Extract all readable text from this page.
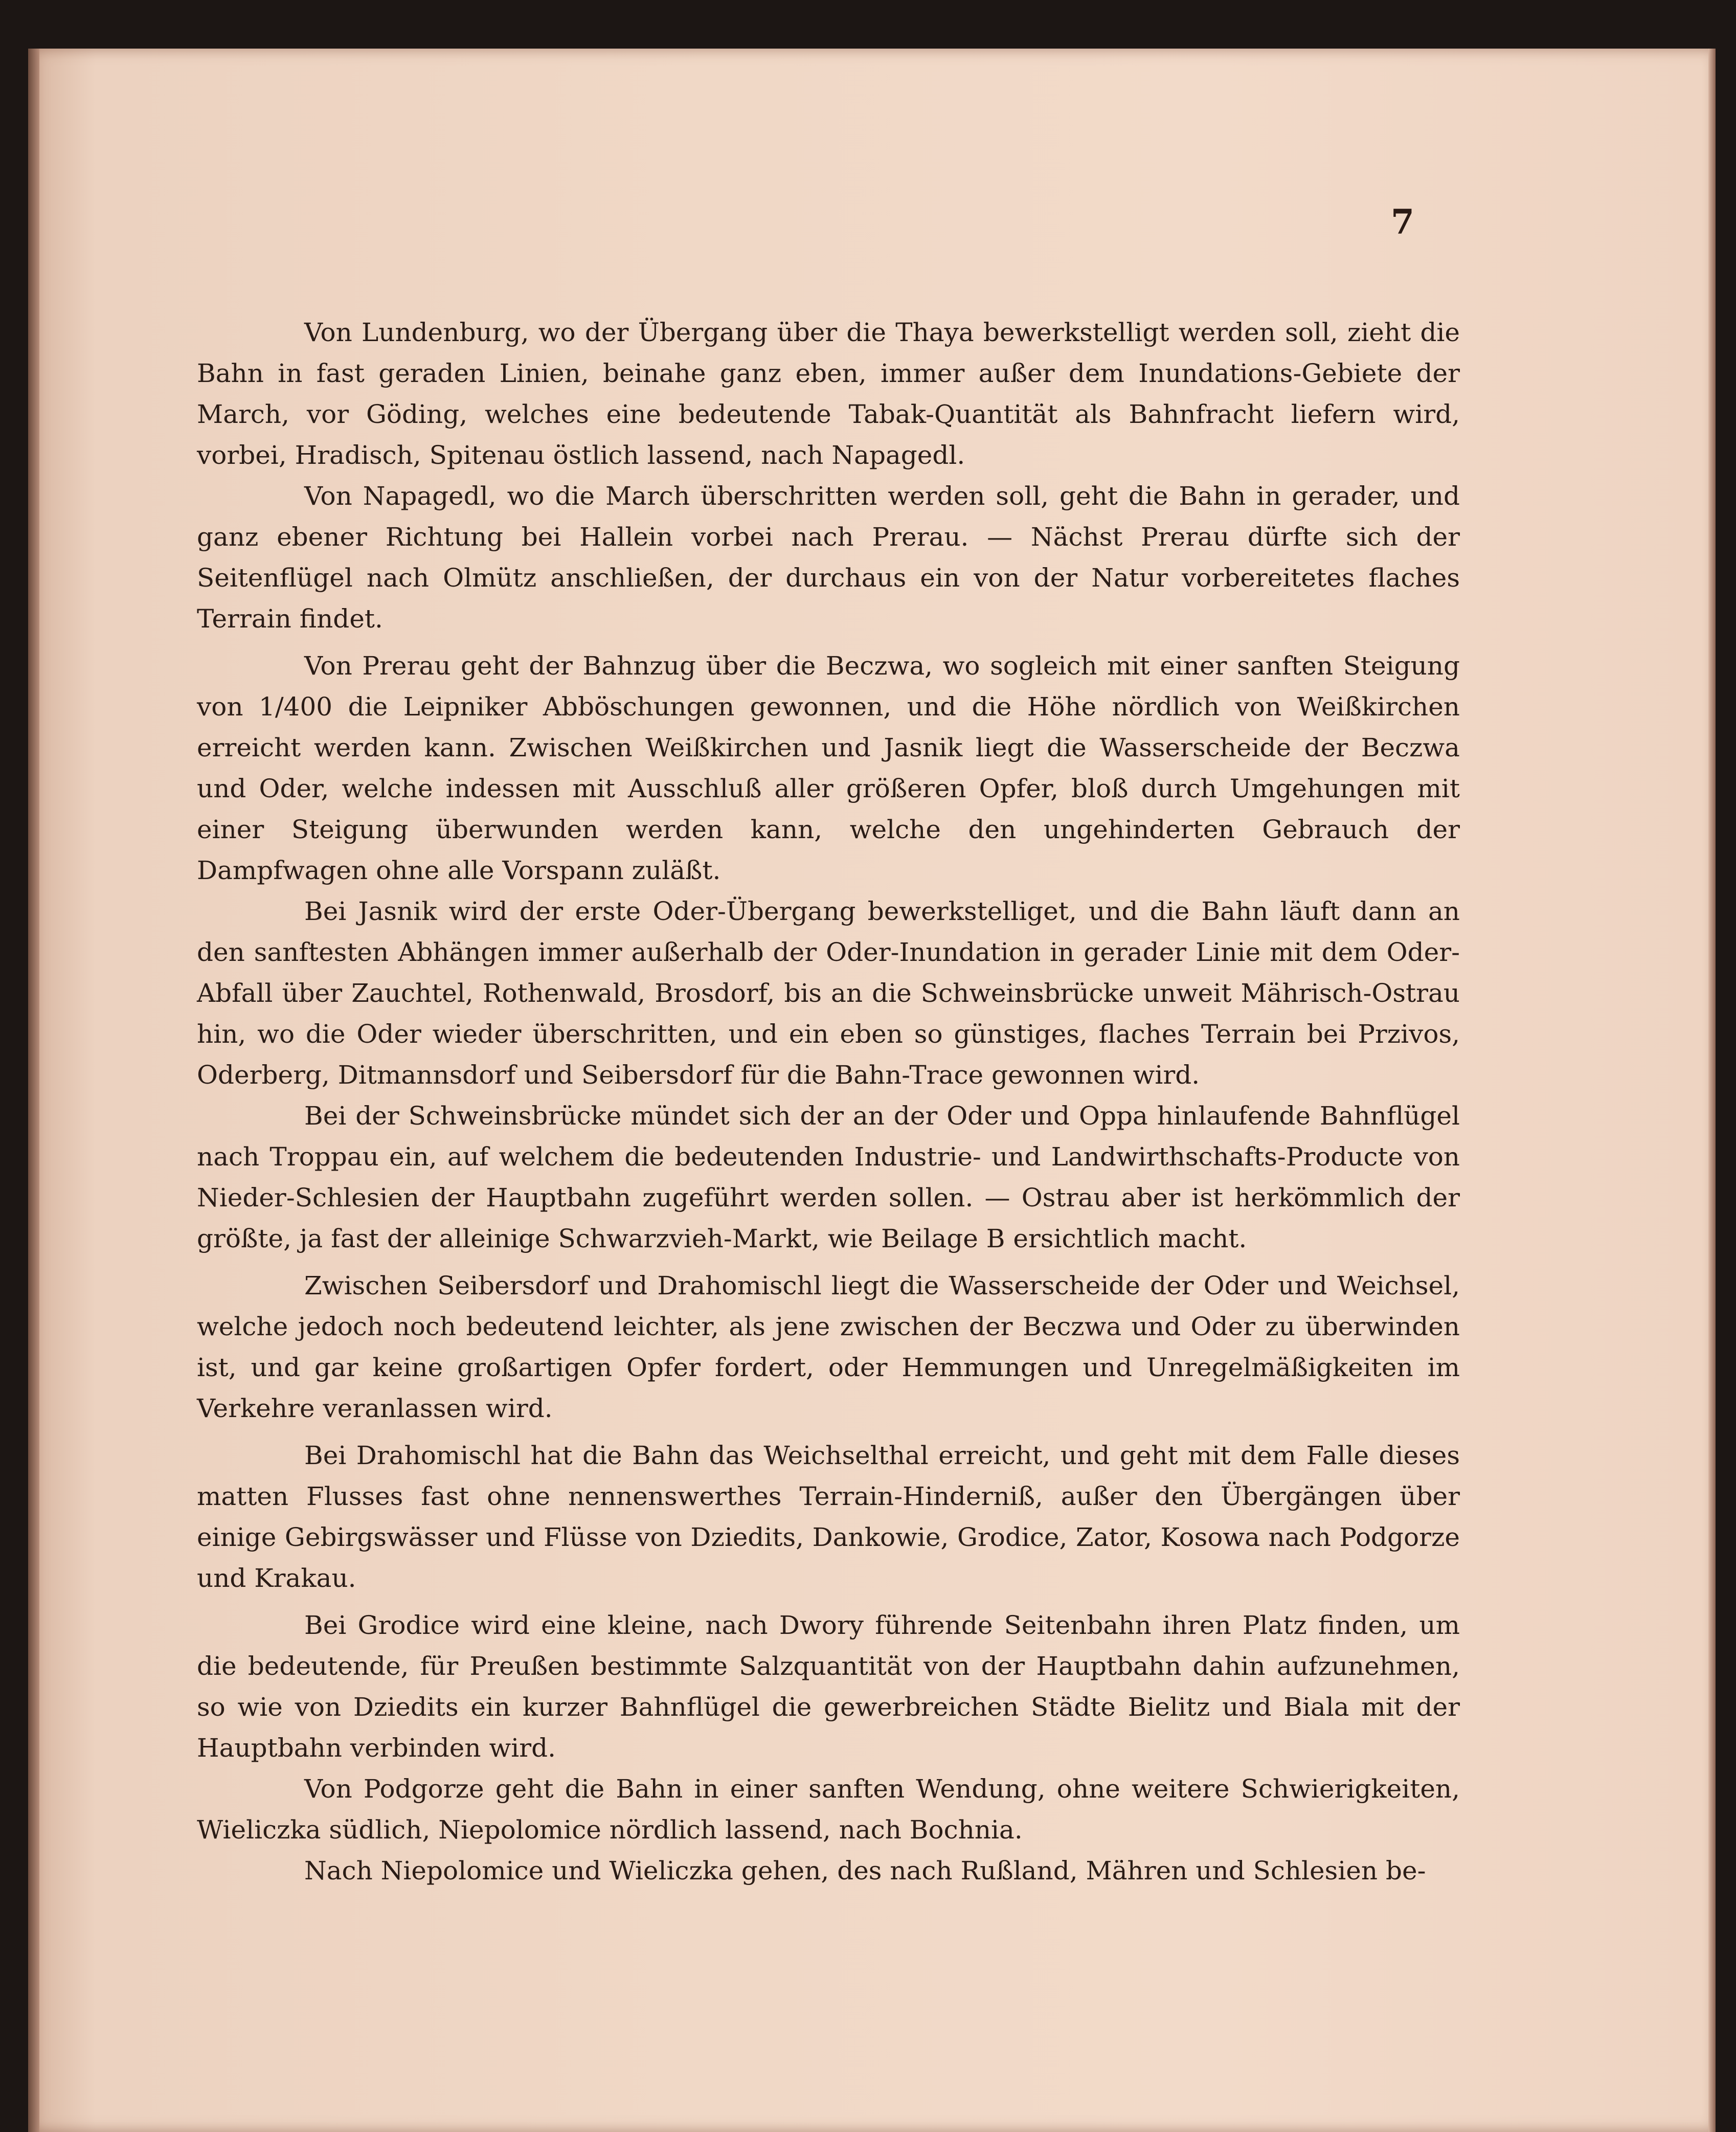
7

Von Lundenburg, wo der Übergang über die Thaya bewerkstelligt werden soll, zieht die Bahn in fast geraden Linien, beinahe ganz eben, immer außer dem Inundations-Gebiete der March, vor Göding, welches eine bedeutende Tabak-Quantität als Bahnfracht liefern wird, vorbei, Hradisch, Spitenau östlich lassend, nach Napagedl.

Von Napagedl, wo die March überschritten werden soll, geht die Bahn in gerader, und ganz ebener Richtung bei Hallein vorbei nach Prerau. — Nächst Prerau dürfte sich der Seitenflügel nach Olmütz anschließen, der durchaus ein von der Natur vorbereitetes flaches Terrain findet.

Von Prerau geht der Bahnzug über die Beczwa, wo sogleich mit einer sanften Steigung von 1/400 die Leipniker Abböschungen gewonnen, und die Höhe nördlich von Weißkirchen erreicht werden kann. Zwischen Weißkirchen und Jasnik liegt die Wasserscheide der Beczwa und Oder, welche indessen mit Ausschluß aller größeren Opfer, bloß durch Umgehungen mit einer Steigung überwunden werden kann, welche den ungehinderten Gebrauch der Dampfwagen ohne alle Vorspann zuläßt.

Bei Jasnik wird der erste Oder-Übergang bewerkstelliget, und die Bahn läuft dann an den sanftesten Abhängen immer außerhalb der Oder-Inundation in gerader Linie mit dem Oder-Abfall über Zauchtel, Rothenwald, Brosdorf, bis an die Schweinsbrücke unweit Mährisch-Ostrau hin, wo die Oder wieder überschritten, und ein eben so günstiges, flaches Terrain bei Przivos, Oderberg, Ditmannsdorf und Seibersdorf für die Bahn-Trace gewonnen wird.

Bei der Schweinsbrücke mündet sich der an der Oder und Oppa hinlaufende Bahnflügel nach Troppau ein, auf welchem die bedeutenden Industrie- und Landwirthschafts-Producte von Nieder-Schlesien der Hauptbahn zugeführt werden sollen. — Ostrau aber ist herkömmlich der größte, ja fast der alleinige Schwarzvieh-Markt, wie Beilage B ersichtlich macht.

Zwischen Seibersdorf und Drahomischl liegt die Wasserscheide der Oder und Weichsel, welche jedoch noch bedeutend leichter, als jene zwischen der Beczwa und Oder zu überwinden ist, und gar keine großartigen Opfer fordert, oder Hemmungen und Unregelmäßigkeiten im Verkehre veranlassen wird.

Bei Drahomischl hat die Bahn das Weichselthal erreicht, und geht mit dem Falle dieses matten Flusses fast ohne nennenswerthes Terrain-Hinderniß, außer den Übergängen über einige Gebirgswässer und Flüsse von Dziedits, Dankowie, Grodice, Zator, Kosowa nach Podgorze und Krakau.

Bei Grodice wird eine kleine, nach Dwory führende Seitenbahn ihren Platz finden, um die bedeutende, für Preußen bestimmte Salzquantität von der Hauptbahn dahin aufzunehmen, so wie von Dziedits ein kurzer Bahnflügel die gewerbreichen Städte Bielitz und Biala mit der Hauptbahn verbinden wird.

Von Podgorze geht die Bahn in einer sanften Wendung, ohne weitere Schwierigkeiten, Wieliczka südlich, Niepolomice nördlich lassend, nach Bochnia.

Nach Niepolomice und Wieliczka gehen, des nach Rußland, Mähren und Schlesien be-
